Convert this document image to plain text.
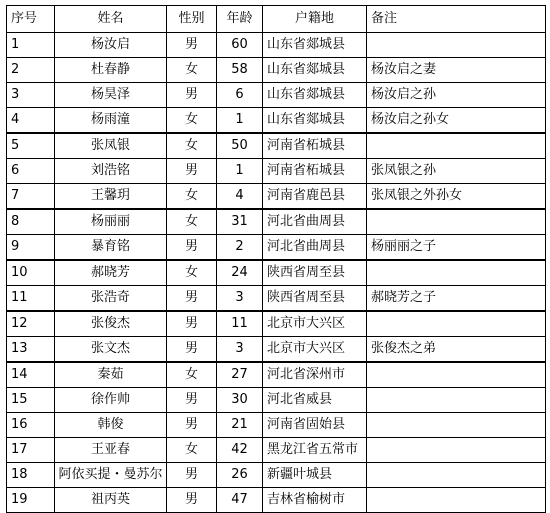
序号	姓名	性别	年龄	户籍地	备注
1	杨汝启	男	60	山东省郯城县	
2	杜春静	女	58	山东省郯城县	杨汝启之妻
3	杨昊泽	男	6	山东省郯城县	杨汝启之孙
4	杨雨潼	女	1	山东省郯城县	杨汝启之孙女
5	张凤银	女	50	河南省柘城县	
6	刘浩铭	男	1	河南省柘城县	张凤银之孙
7	王馨玥	女	4	河南省鹿邑县	张凤银之外孙女
8	杨丽丽	女	31	河北省曲周县	
9	暴育铭	男	2	河北省曲周县	杨丽丽之子
10	郝晓芳	女	24	陕西省周至县	
11	张浩奇	男	3	陕西省周至县	郝晓芳之子
12	张俊杰	男	11	北京市大兴区	
13	张文杰	男	3	北京市大兴区	张俊杰之弟
14	秦茹	女	27	河北省深州市	
15	徐作帅	男	30	河北省威县	
16	韩俊	男	21	河南省固始县	
17	王亚春	女	42	黑龙江省五常市	
18	阿依买提・曼苏尔	男	26	新疆叶城县	
19	祖丙英	男	47	吉林省榆树市	
